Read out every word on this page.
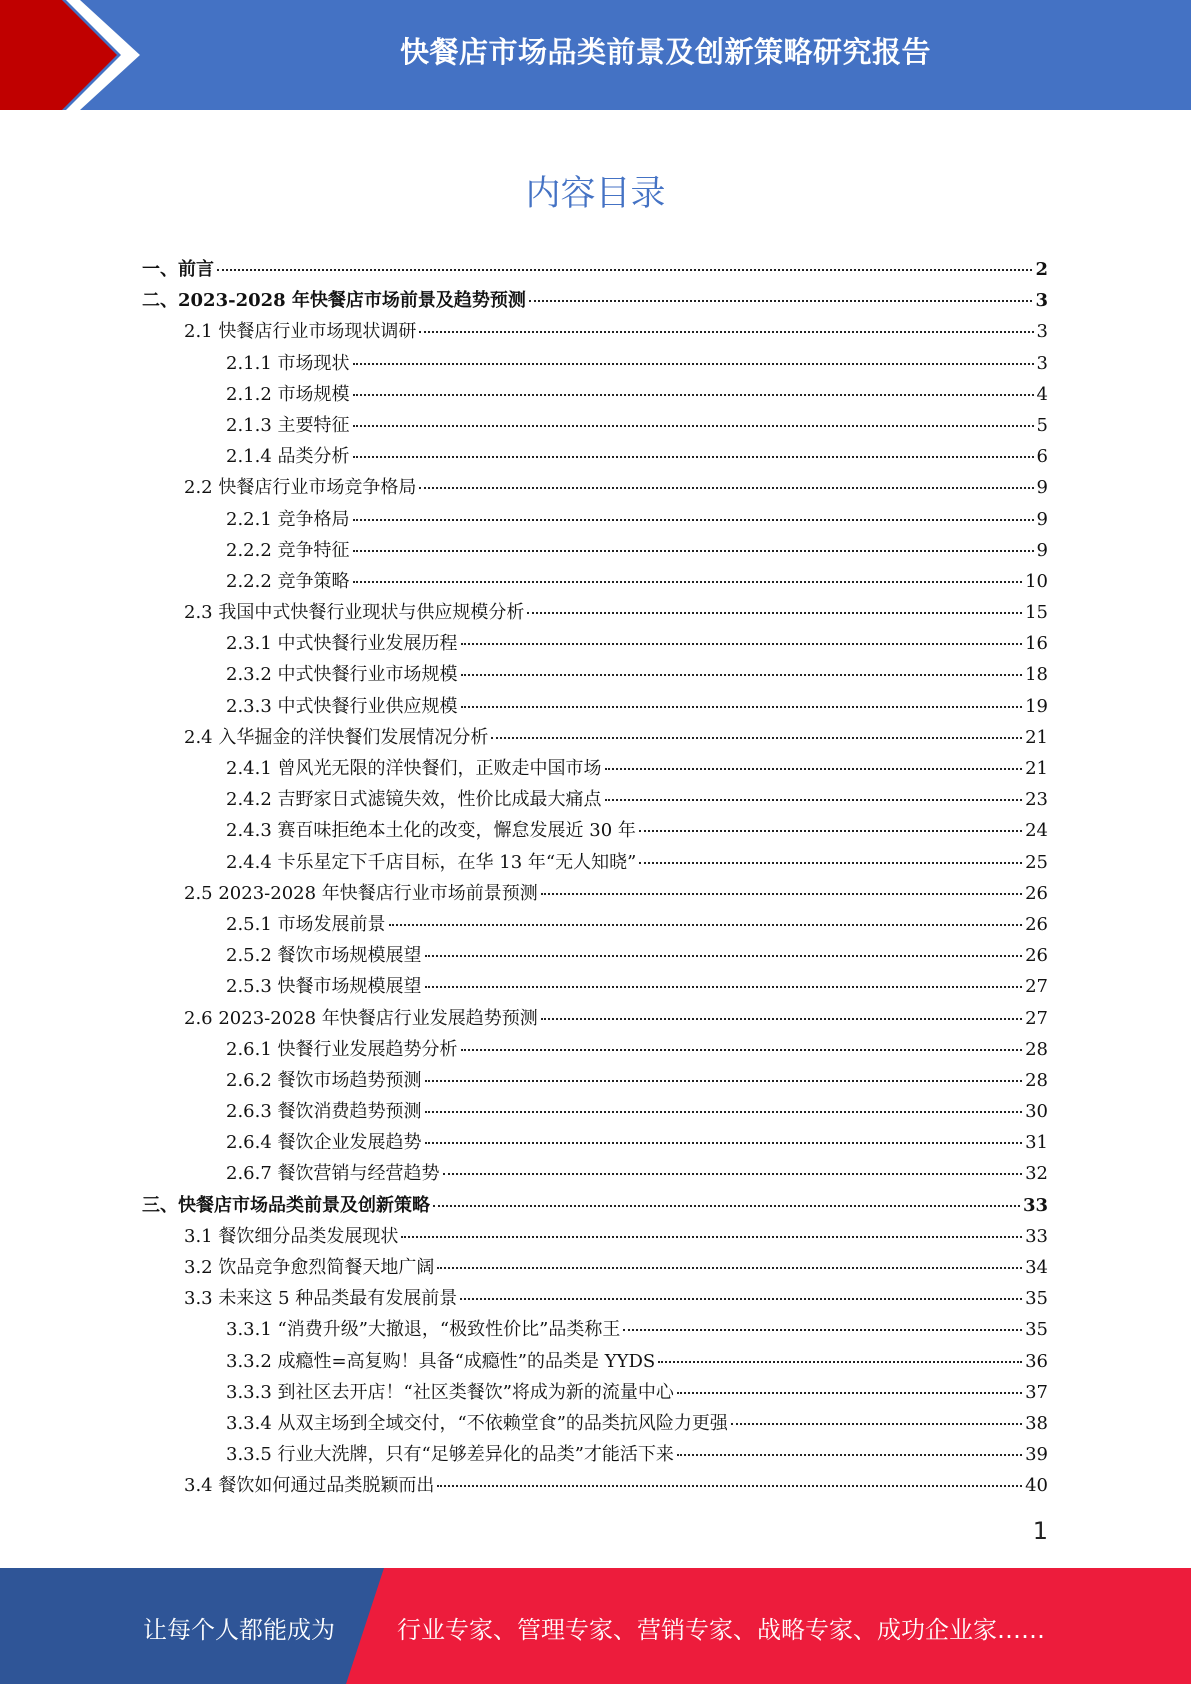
快餐店市场品类前景及创新策略研究报告
内容目录
一、前言	2
二、2023-2028 年快餐店市场前景及趋势预测	3
2.1 快餐店行业市场现状调研	3
2.1.1 市场现状	3
2.1.2 市场规模	4
2.1.3 主要特征	5
2.1.4 品类分析	6
2.2 快餐店行业市场竞争格局	9
2.2.1 竞争格局	9
2.2.2 竞争特征	9
2.2.2 竞争策略	10
2.3 我国中式快餐行业现状与供应规模分析	15
2.3.1 中式快餐行业发展历程	16
2.3.2 中式快餐行业市场规模	18
2.3.3 中式快餐行业供应规模	19
2.4 入华掘金的洋快餐们发展情况分析	21
2.4.1 曾风光无限的洋快餐们，正败走中国市场	21
2.4.2 吉野家日式滤镜失效，性价比成最大痛点	23
2.4.3 赛百味拒绝本土化的改变，懈怠发展近 30 年	24
2.4.4 卡乐星定下千店目标，在华 13 年“无人知晓”	25
2.5 2023-2028 年快餐店行业市场前景预测	26
2.5.1 市场发展前景	26
2.5.2 餐饮市场规模展望	26
2.5.3 快餐市场规模展望	27
2.6 2023-2028 年快餐店行业发展趋势预测	27
2.6.1 快餐行业发展趋势分析	28
2.6.2 餐饮市场趋势预测	28
2.6.3 餐饮消费趋势预测	30
2.6.4 餐饮企业发展趋势	31
2.6.7 餐饮营销与经营趋势	32
三、快餐店市场品类前景及创新策略	33
3.1 餐饮细分品类发展现状	33
3.2 饮品竞争愈烈简餐天地广阔	34
3.3 未来这 5 种品类最有发展前景	35
3.3.1 “消费升级”大撤退，“极致性价比”品类称王	35
3.3.2 成瘾性=高复购！具备“成瘾性”的品类是 YYDS	36
3.3.3 到社区去开店！“社区类餐饮”将成为新的流量中心	37
3.3.4 从双主场到全域交付，“不依赖堂食”的品类抗风险力更强	38
3.3.5 行业大洗牌，只有“足够差异化的品类”才能活下来	39
3.4 餐饮如何通过品类脱颖而出	40
1
让每个人都能成为	行业专家、管理专家、营销专家、战略专家、成功企业家……
